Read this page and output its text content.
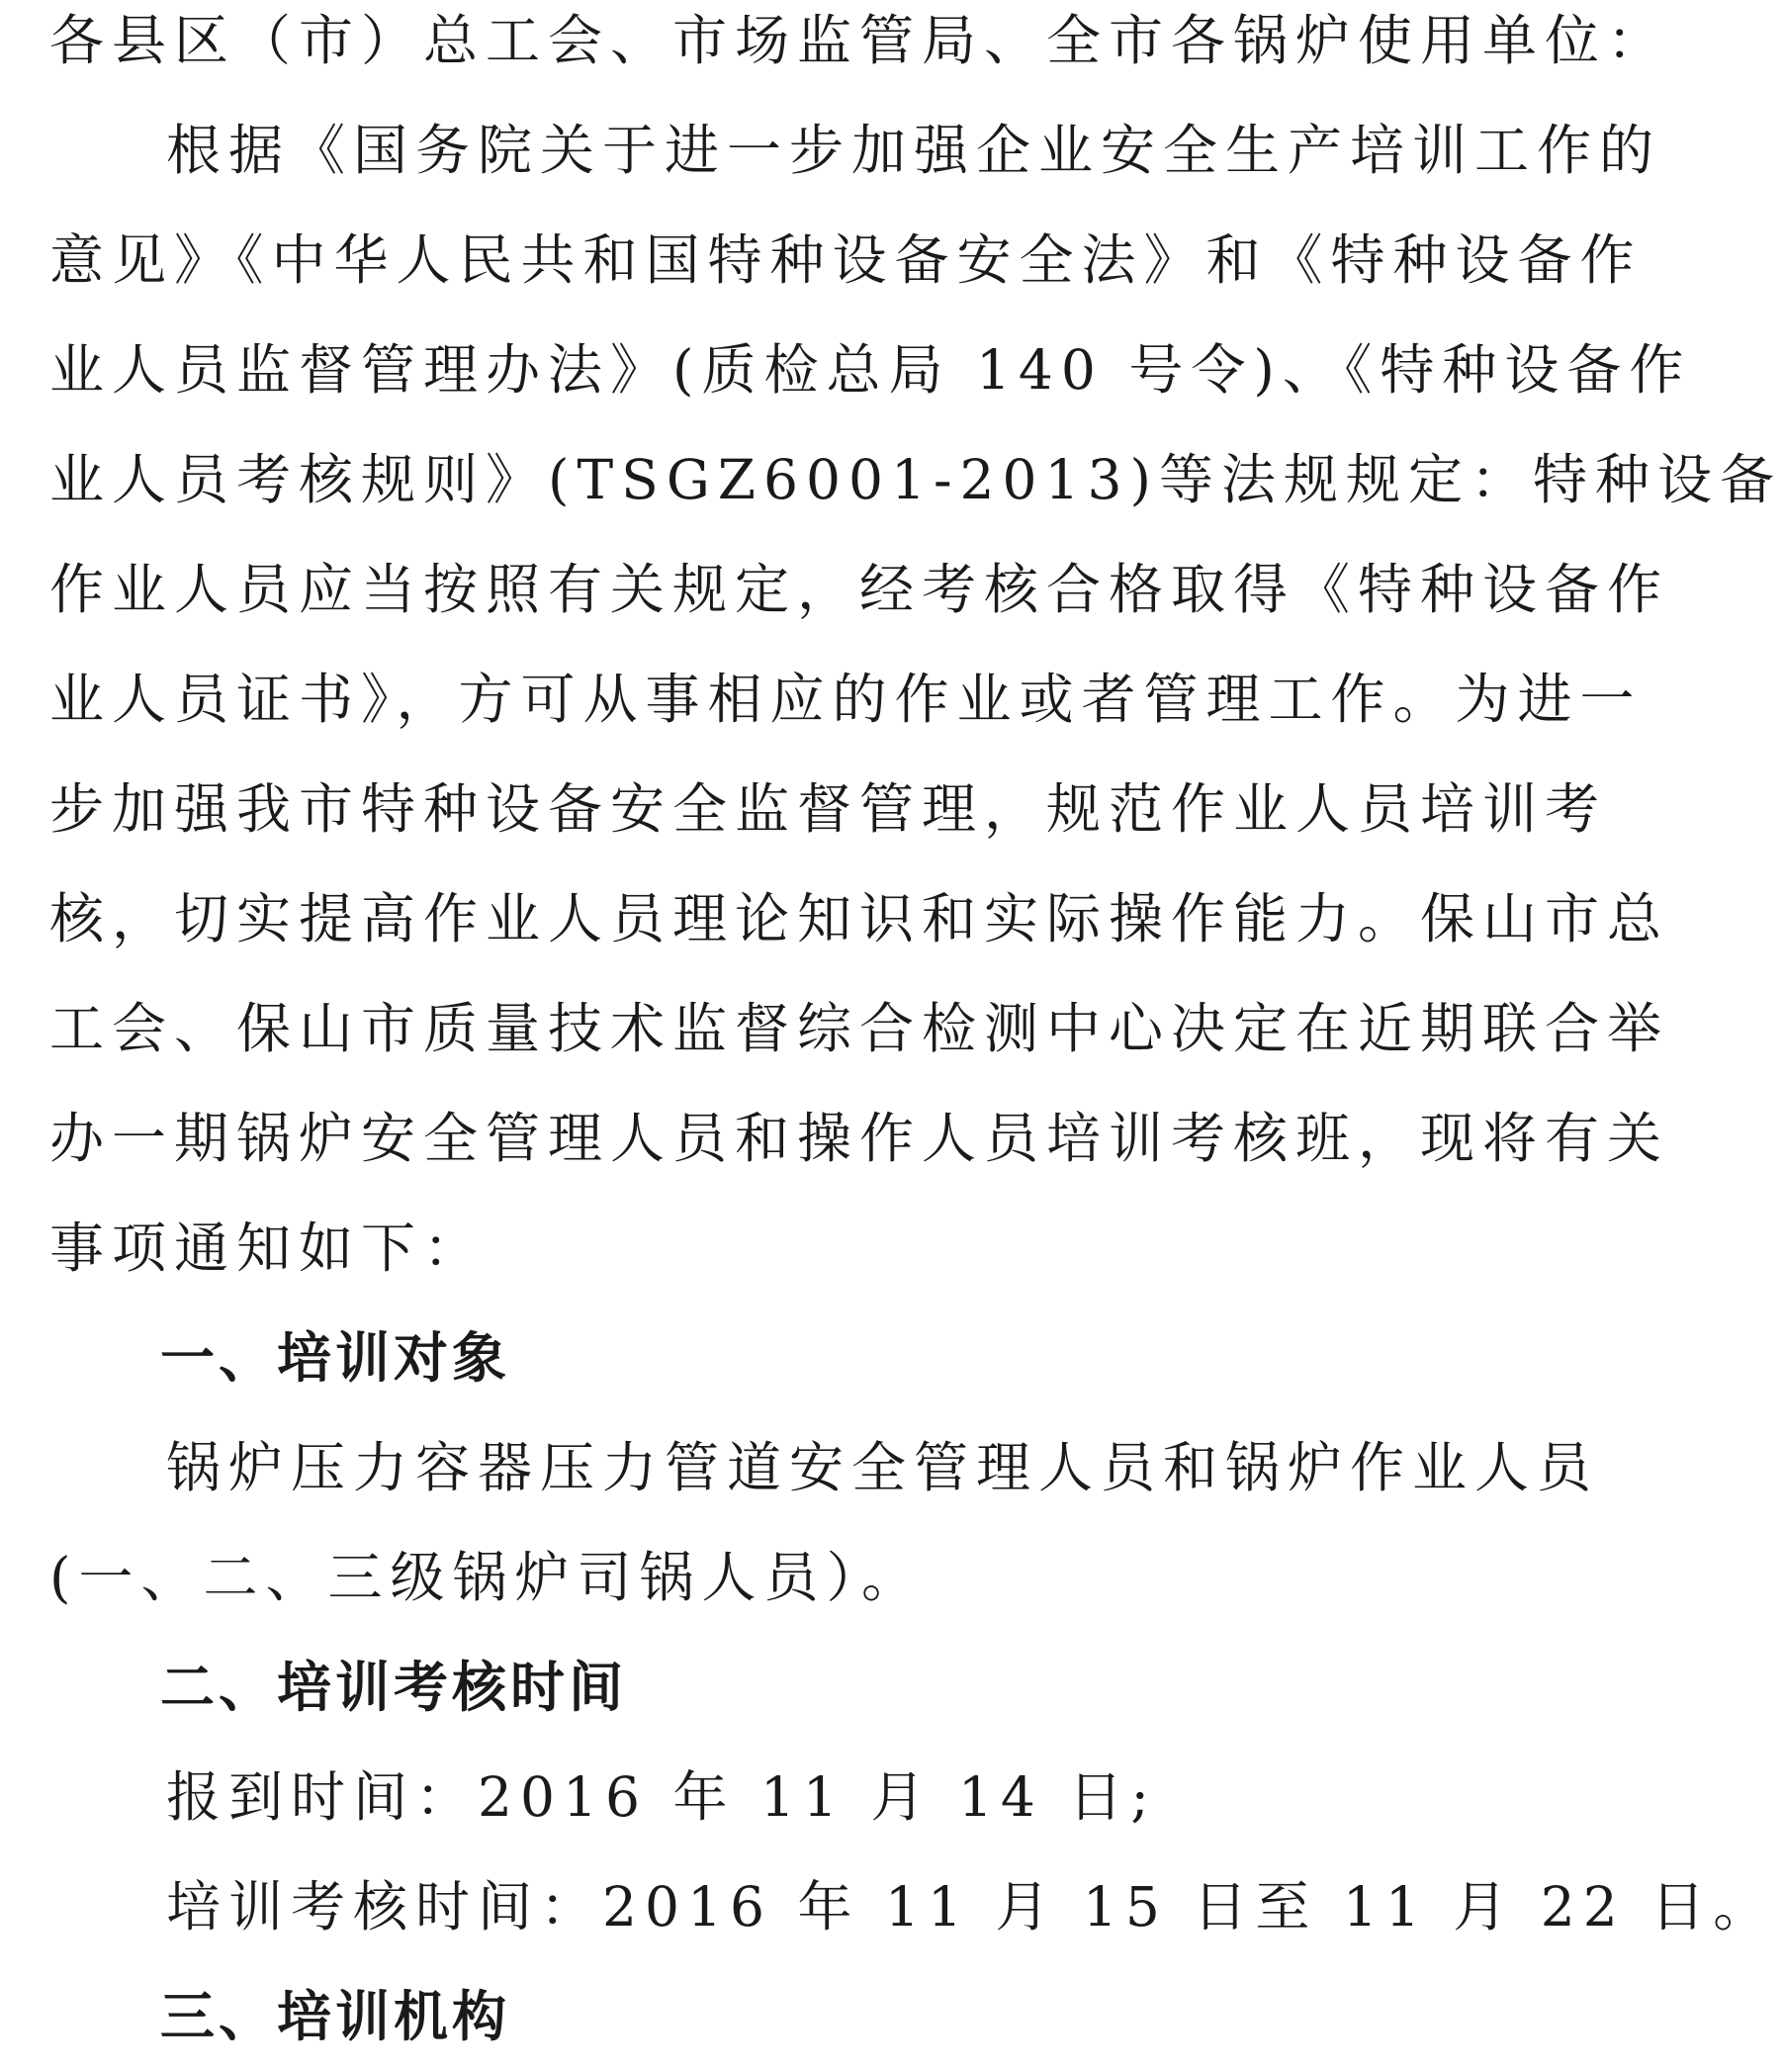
各县区（市）总工会、市场监管局、全市各锅炉使用单位：

根据《国务院关于进一步加强企业安全生产培训工作的

意见》《中华人民共和国特种设备安全法》和《特种设备作

业人员监督管理办法》(质检总局 140 号令)、《特种设备作

业人员考核规则》(TSGZ6001-2013)等法规规定：特种设备

作业人员应当按照有关规定，经考核合格取得《特种设备作

业人员证书》，方可从事相应的作业或者管理工作。为进一

步加强我市特种设备安全监督管理，规范作业人员培训考

核，切实提高作业人员理论知识和实际操作能力。保山市总

工会、保山市质量技术监督综合检测中心决定在近期联合举

办一期锅炉安全管理人员和操作人员培训考核班，现将有关

事项通知如下：

一、培训对象

锅炉压力容器压力管道安全管理人员和锅炉作业人员

(一、二、三级锅炉司锅人员）。

二、培训考核时间

报到时间：2016 年 11 月 14 日;

培训考核时间：2016 年 11 月 15 日至 11 月 22 日。

三、培训机构
